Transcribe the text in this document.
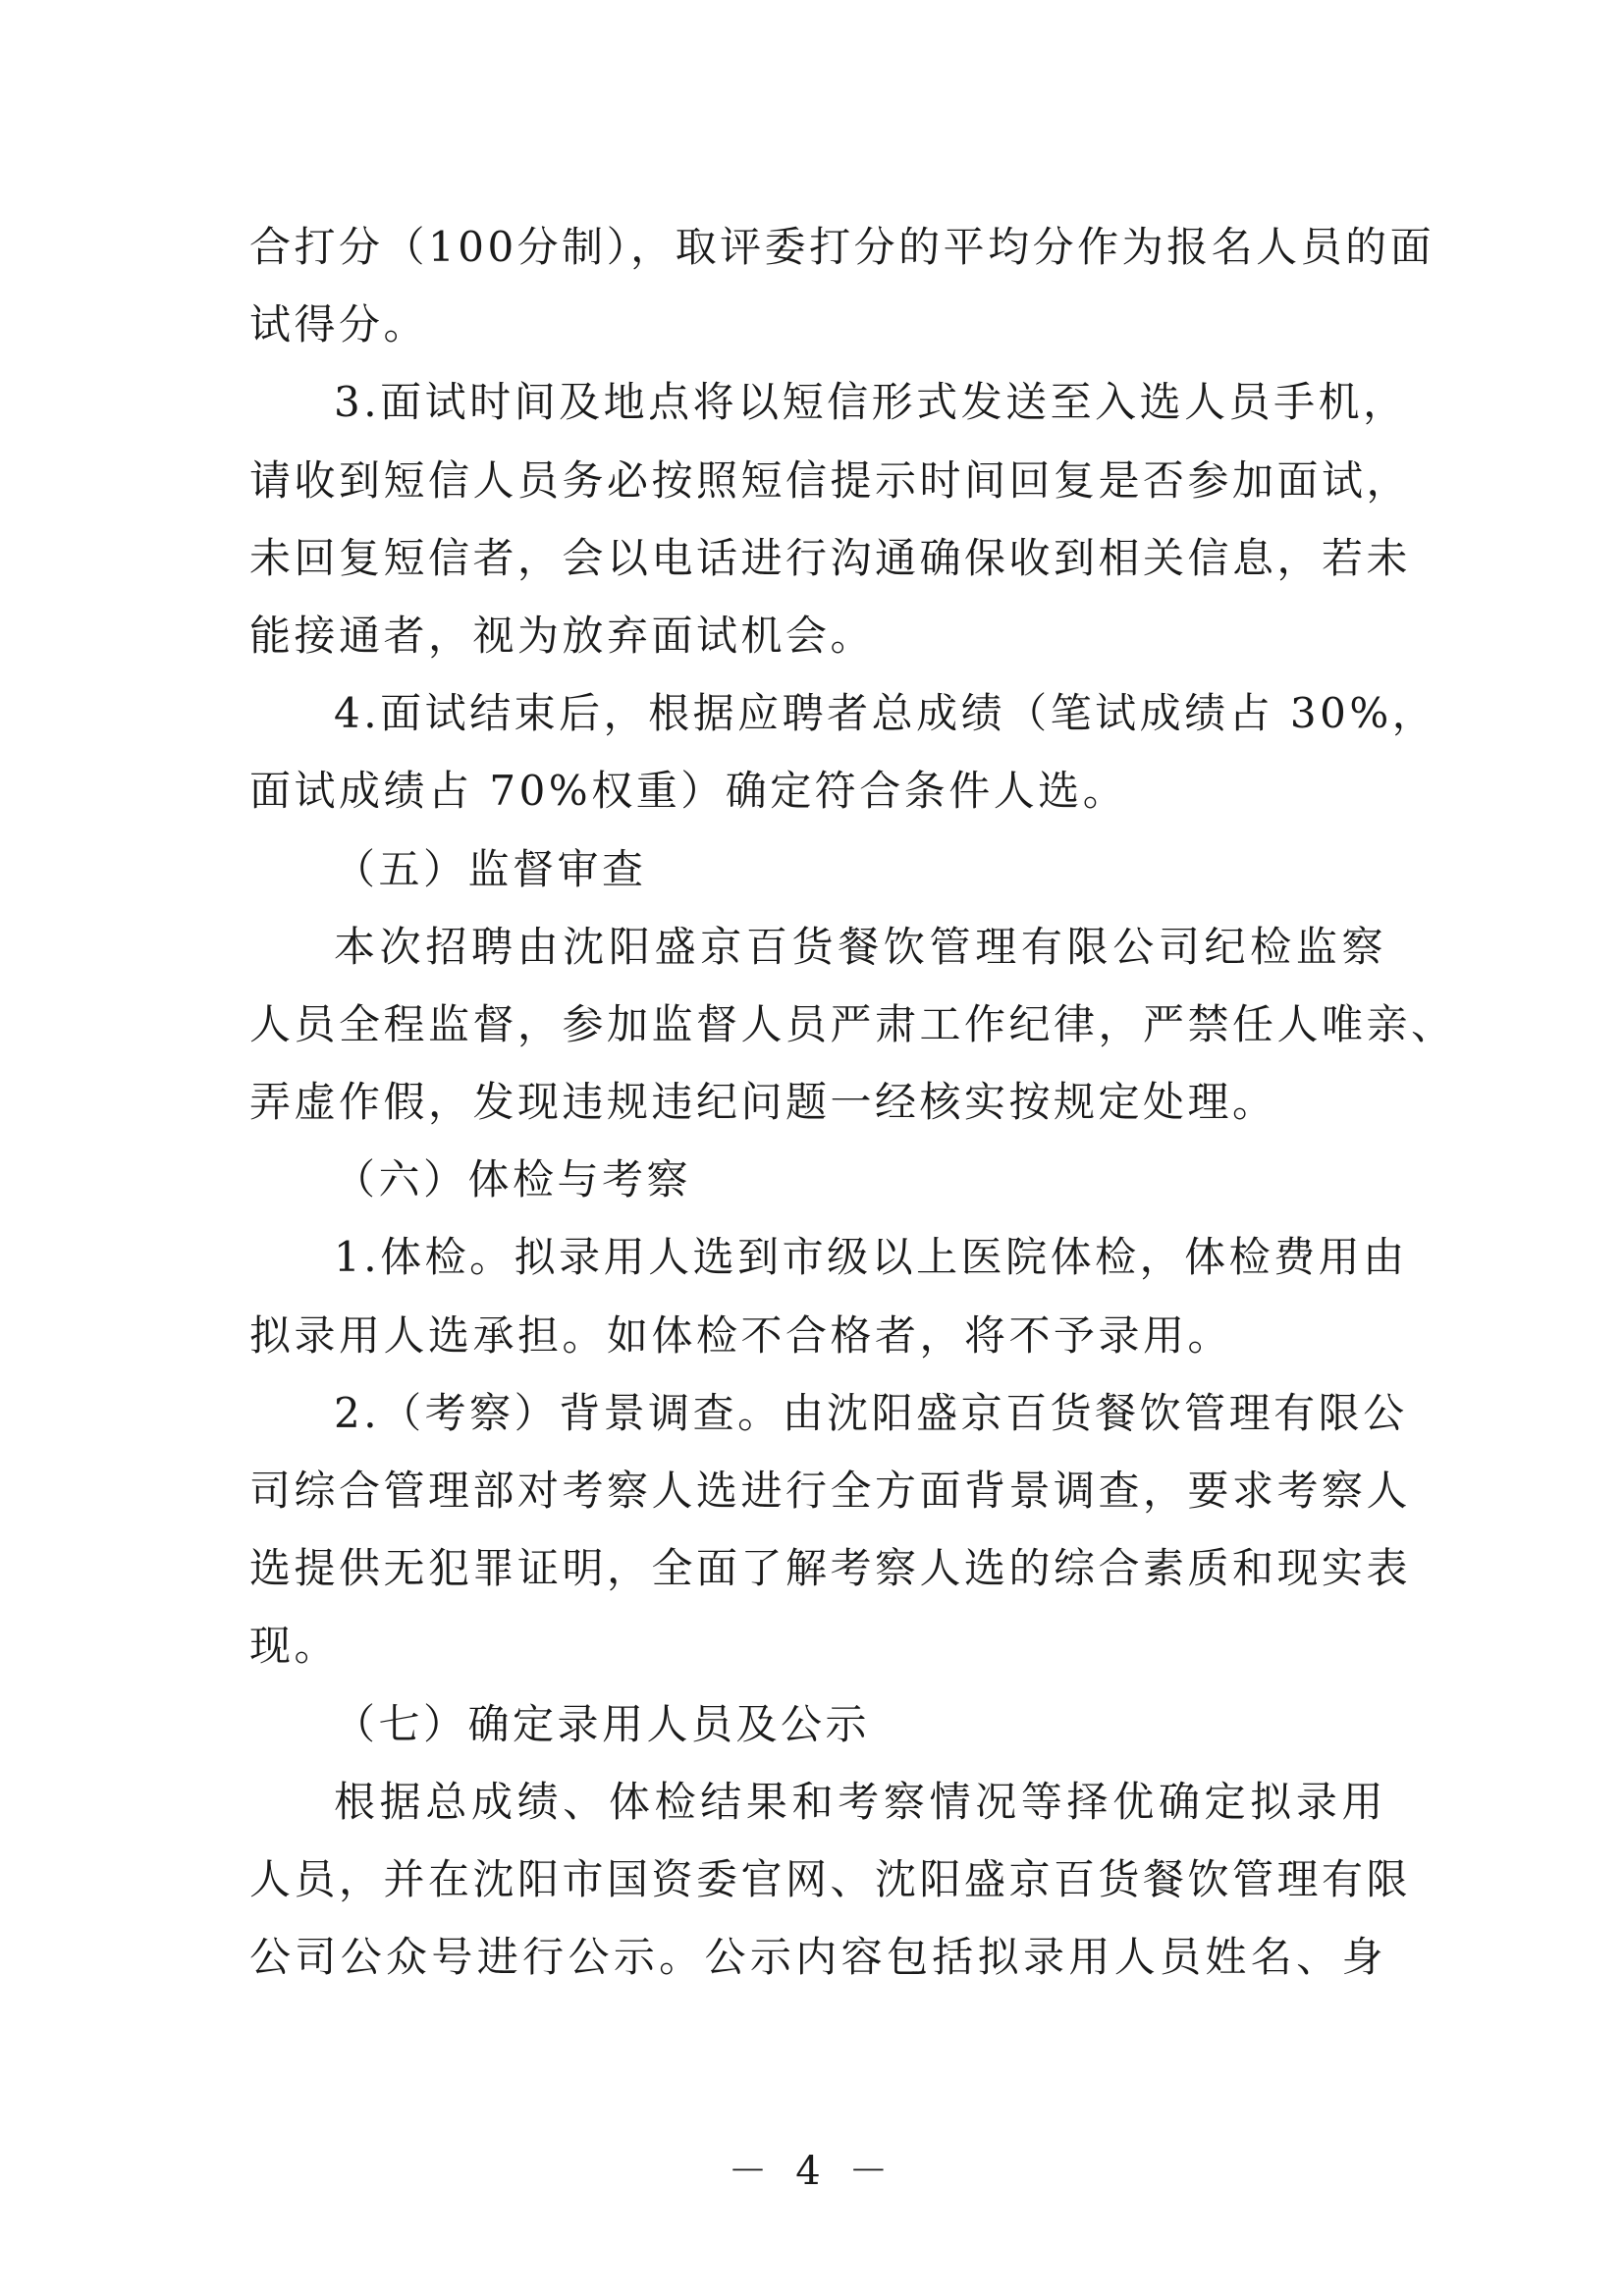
合打分（100分制），取评委打分的平均分作为报名人员的面
试得分。
3.面试时间及地点将以短信形式发送至入选人员手机，
请收到短信人员务必按照短信提示时间回复是否参加面试，
未回复短信者，会以电话进行沟通确保收到相关信息，若未
能接通者，视为放弃面试机会。
4.面试结束后，根据应聘者总成绩（笔试成绩占 30%，
面试成绩占 70%权重）确定符合条件人选。
（五）监督审查
本次招聘由沈阳盛京百货餐饮管理有限公司纪检监察
人员全程监督，参加监督人员严肃工作纪律，严禁任人唯亲、
弄虚作假，发现违规违纪问题一经核实按规定处理。
（六）体检与考察
1.体检。拟录用人选到市级以上医院体检，体检费用由
拟录用人选承担。如体检不合格者，将不予录用。
2.（考察）背景调查。由沈阳盛京百货餐饮管理有限公
司综合管理部对考察人选进行全方面背景调查，要求考察人
选提供无犯罪证明，全面了解考察人选的综合素质和现实表
现。
（七）确定录用人员及公示
根据总成绩、体检结果和考察情况等择优确定拟录用
人员，并在沈阳市国资委官网、沈阳盛京百货餐饮管理有限
公司公众号进行公示。公示内容包括拟录用人员姓名、身
－ 4 －
